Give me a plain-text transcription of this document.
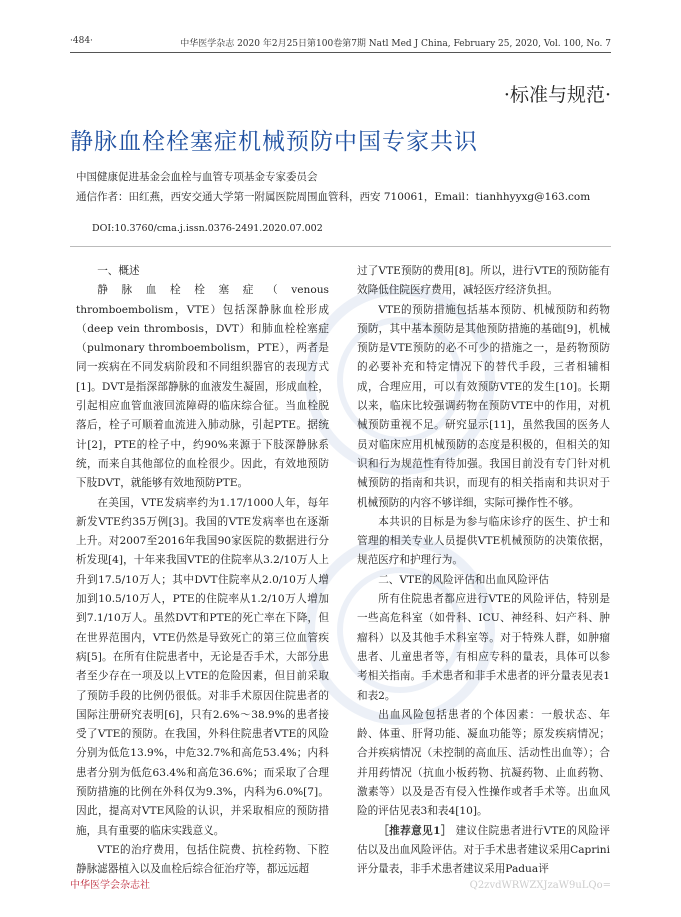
·484·	中华医学杂志 2020 年2月25日第100卷第7期 Natl Med J China, February 25, 2020, Vol. 100, No. 7
·标准与规范·
静脉血栓栓塞症机械预防中国专家共识
中国健康促进基金会血栓与血管专项基金专家委员会
通信作者：田红燕，西安交通大学第一附属医院周围血管科，西安 710061，Email：tianhhyyxg@163.com
DOI:10.3760/cma.j.issn.0376-2491.2020.07.002

一、概述

静脉血栓栓塞症（venous thromboembolism，VTE）包括深静脉血栓形成（deep vein thrombosis，DVT）和肺血栓栓塞症（pulmonary thromboembolism，PTE），两者是同一疾病在不同发病阶段和不同组织器官的表现方式[1]。DVT是指深部静脉的血液发生凝固，形成血栓，引起相应血管血液回流障碍的临床综合征。当血栓脱落后，栓子可顺着血流进入肺动脉，引起PTE。据统计[2]，PTE的栓子中，约90%来源于下肢深静脉系统，而来自其他部位的血栓很少。因此，有效地预防下肢DVT，就能够有效地预防PTE。

在美国，VTE发病率约为1.17/1000人年，每年新发VTE约35万例[3]。我国的VTE发病率也在逐渐上升。对2007至2016年我国90家医院的数据进行分析发现[4]，十年来我国VTE的住院率从3.2/10万人上升到17.5/10万人；其中DVT住院率从2.0/10万人增加到10.5/10万人，PTE的住院率从1.2/10万人增加到7.1/10万人。虽然DVT和PTE的死亡率在下降，但在世界范围内，VTE仍然是导致死亡的第三位血管疾病[5]。在所有住院患者中，无论是否手术，大部分患者至少存在一项及以上VTE的危险因素，但目前采取了预防手段的比例仍很低。对非手术原因住院患者的国际注册研究表明[6]，只有2.6%～38.9%的患者接受了VTE的预防。在我国，外科住院患者VTE的风险分别为低危13.9%，中危32.7%和高危53.4%；内科患者分别为低危63.4%和高危36.6%；而采取了合理预防措施的比例在外科仅为9.3%，内科为6.0%[7]。因此，提高对VTE风险的认识，并采取相应的预防措施，具有重要的临床实践意义。

VTE的治疗费用，包括住院费、抗栓药物、下腔静脉滤器植入以及血栓后综合征治疗等，都远远超

过了VTE预防的费用[8]。所以，进行VTE的预防能有效降低住院医疗费用，减轻医疗经济负担。

VTE的预防措施包括基本预防、机械预防和药物预防，其中基本预防是其他预防措施的基础[9]，机械预防是VTE预防的必不可少的措施之一，是药物预防的必要补充和特定情况下的替代手段，三者相辅相成，合理应用，可以有效预防VTE的发生[10]。长期以来，临床比较强调药物在预防VTE中的作用，对机械预防重视不足。研究显示[11]，虽然我国的医务人员对临床应用机械预防的态度是积极的，但相关的知识和行为规范性有待加强。我国目前没有专门针对机械预防的指南和共识，而现有的相关指南和共识对于机械预防的内容不够详细，实际可操作性不够。

本共识的目标是为参与临床诊疗的医生、护士和管理的相关专业人员提供VTE机械预防的决策依据，规范医疗和护理行为。

二、VTE的风险评估和出血风险评估

所有住院患者都应进行VTE的风险评估，特别是一些高危科室（如骨科、ICU、神经科、妇产科、肿瘤科）以及其他手术科室等。对于特殊人群，如肿瘤患者、儿童患者等，有相应专科的量表，具体可以参考相关指南。手术患者和非手术患者的评分量表见表1和表2。

出血风险包括患者的个体因素：一般状态、年龄、体重、肝肾功能、凝血功能等；原发疾病情况；合并疾病情况（未控制的高血压、活动性出血等）；合并用药情况（抗血小板药物、抗凝药物、止血药物、激素等）以及是否有侵入性操作或者手术等。出血风险的评估见表3和表4[10]。

［推荐意见1］ 建议住院患者进行VTE的风险评估以及出血风险评估。对于手术患者建议采用Caprini评分量表，非手术患者建议采用Padua评

中华医学会杂志社	Q2zvdWRWZXJzaW9uLQo=
